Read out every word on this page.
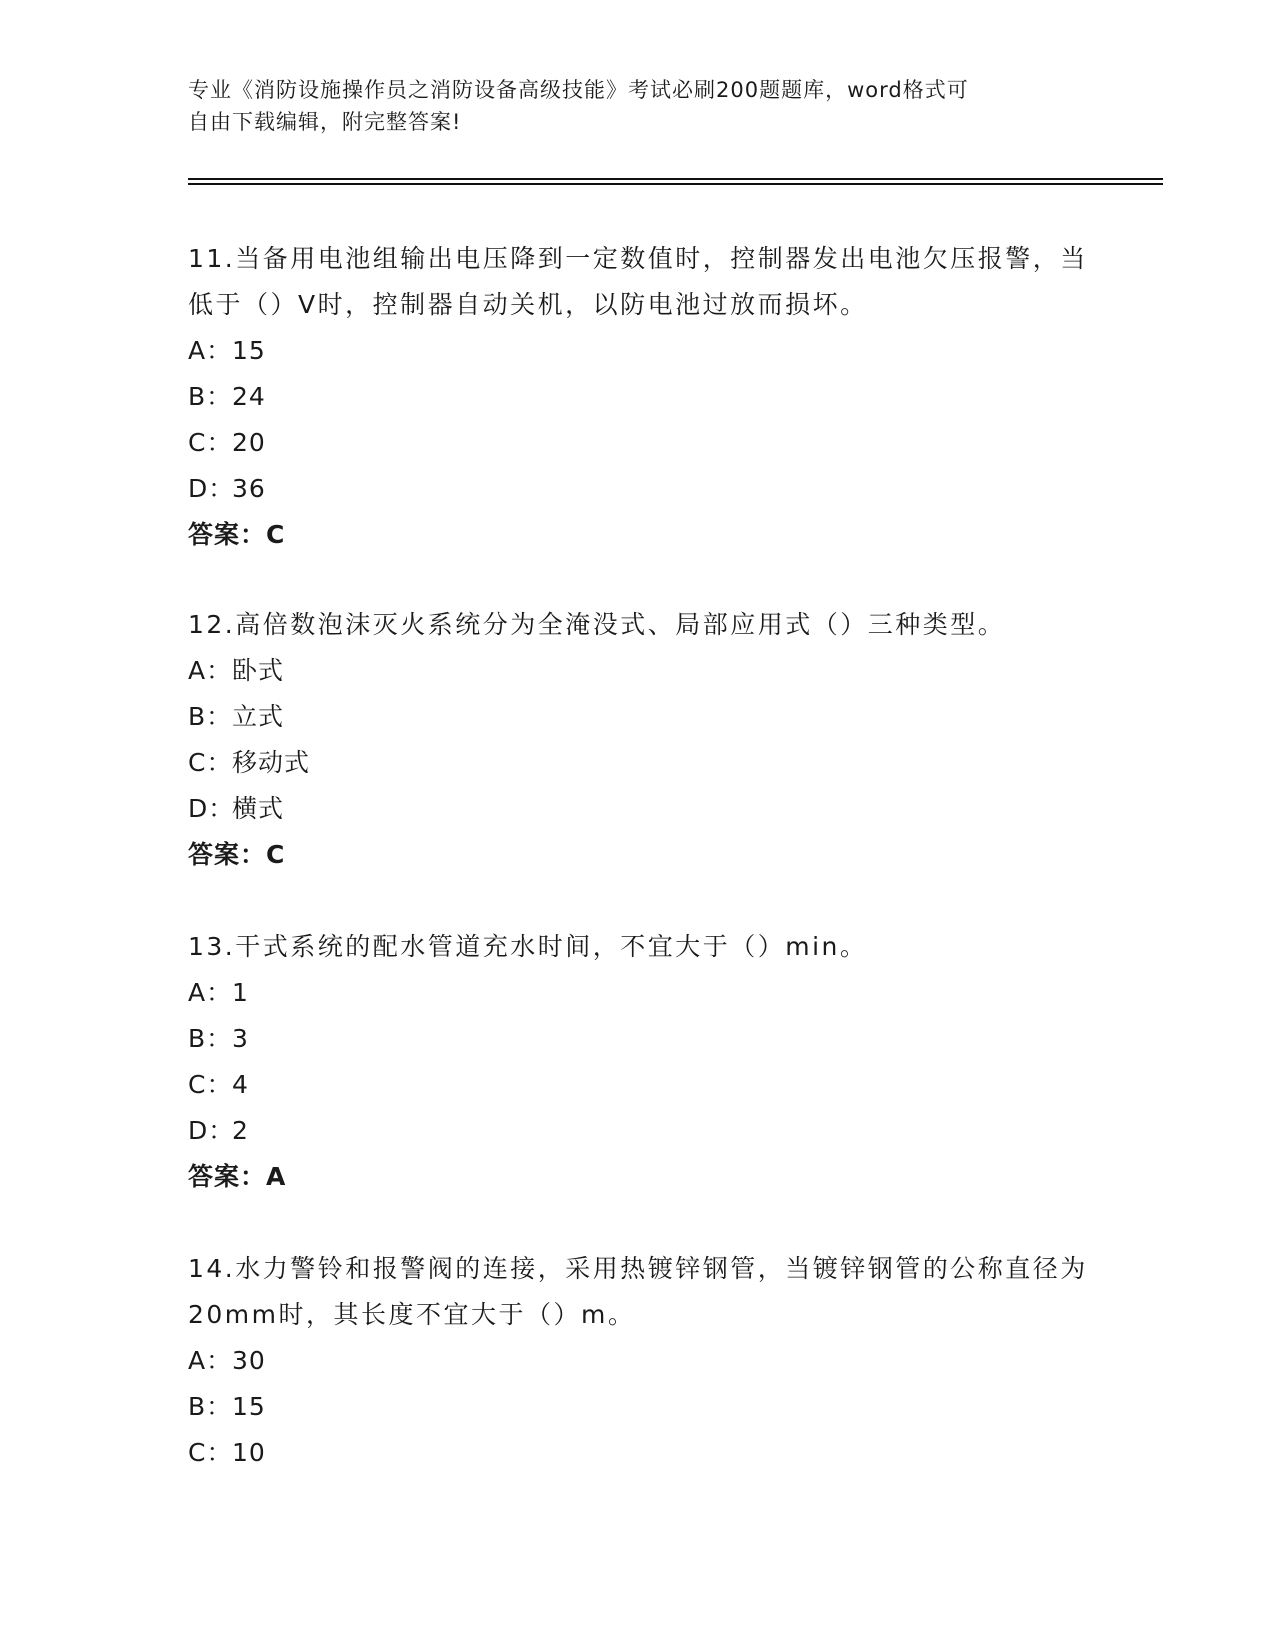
专业《消防设施操作员之消防设备高级技能》考试必刷200题题库，word格式可
自由下载编辑，附完整答案!

11.当备用电池组输出电压降到一定数值时，控制器发出电池欠压报警，当低于（）V时，控制器自动关机，以防电池过放而损坏。

A： 15

B： 24

C： 20

D：
36

答案：C

12.高倍数泡沫灭火系统分为全淹没式、局部应用式（）三种类型。

A： 卧式

B： 立式

C： 移动式

D：
横式

答案：C

13.干式系统的配水管道充水时间，不宜大于（）min。

A： 1

B： 3

C： 4

D：
2

答案：A

14.水力警铃和报警阀的连接，采用热镀锌钢管，当镀锌钢管的公称直径为20mm时，其长度不宜大于（）m。

A： 30

B： 15

C： 10
